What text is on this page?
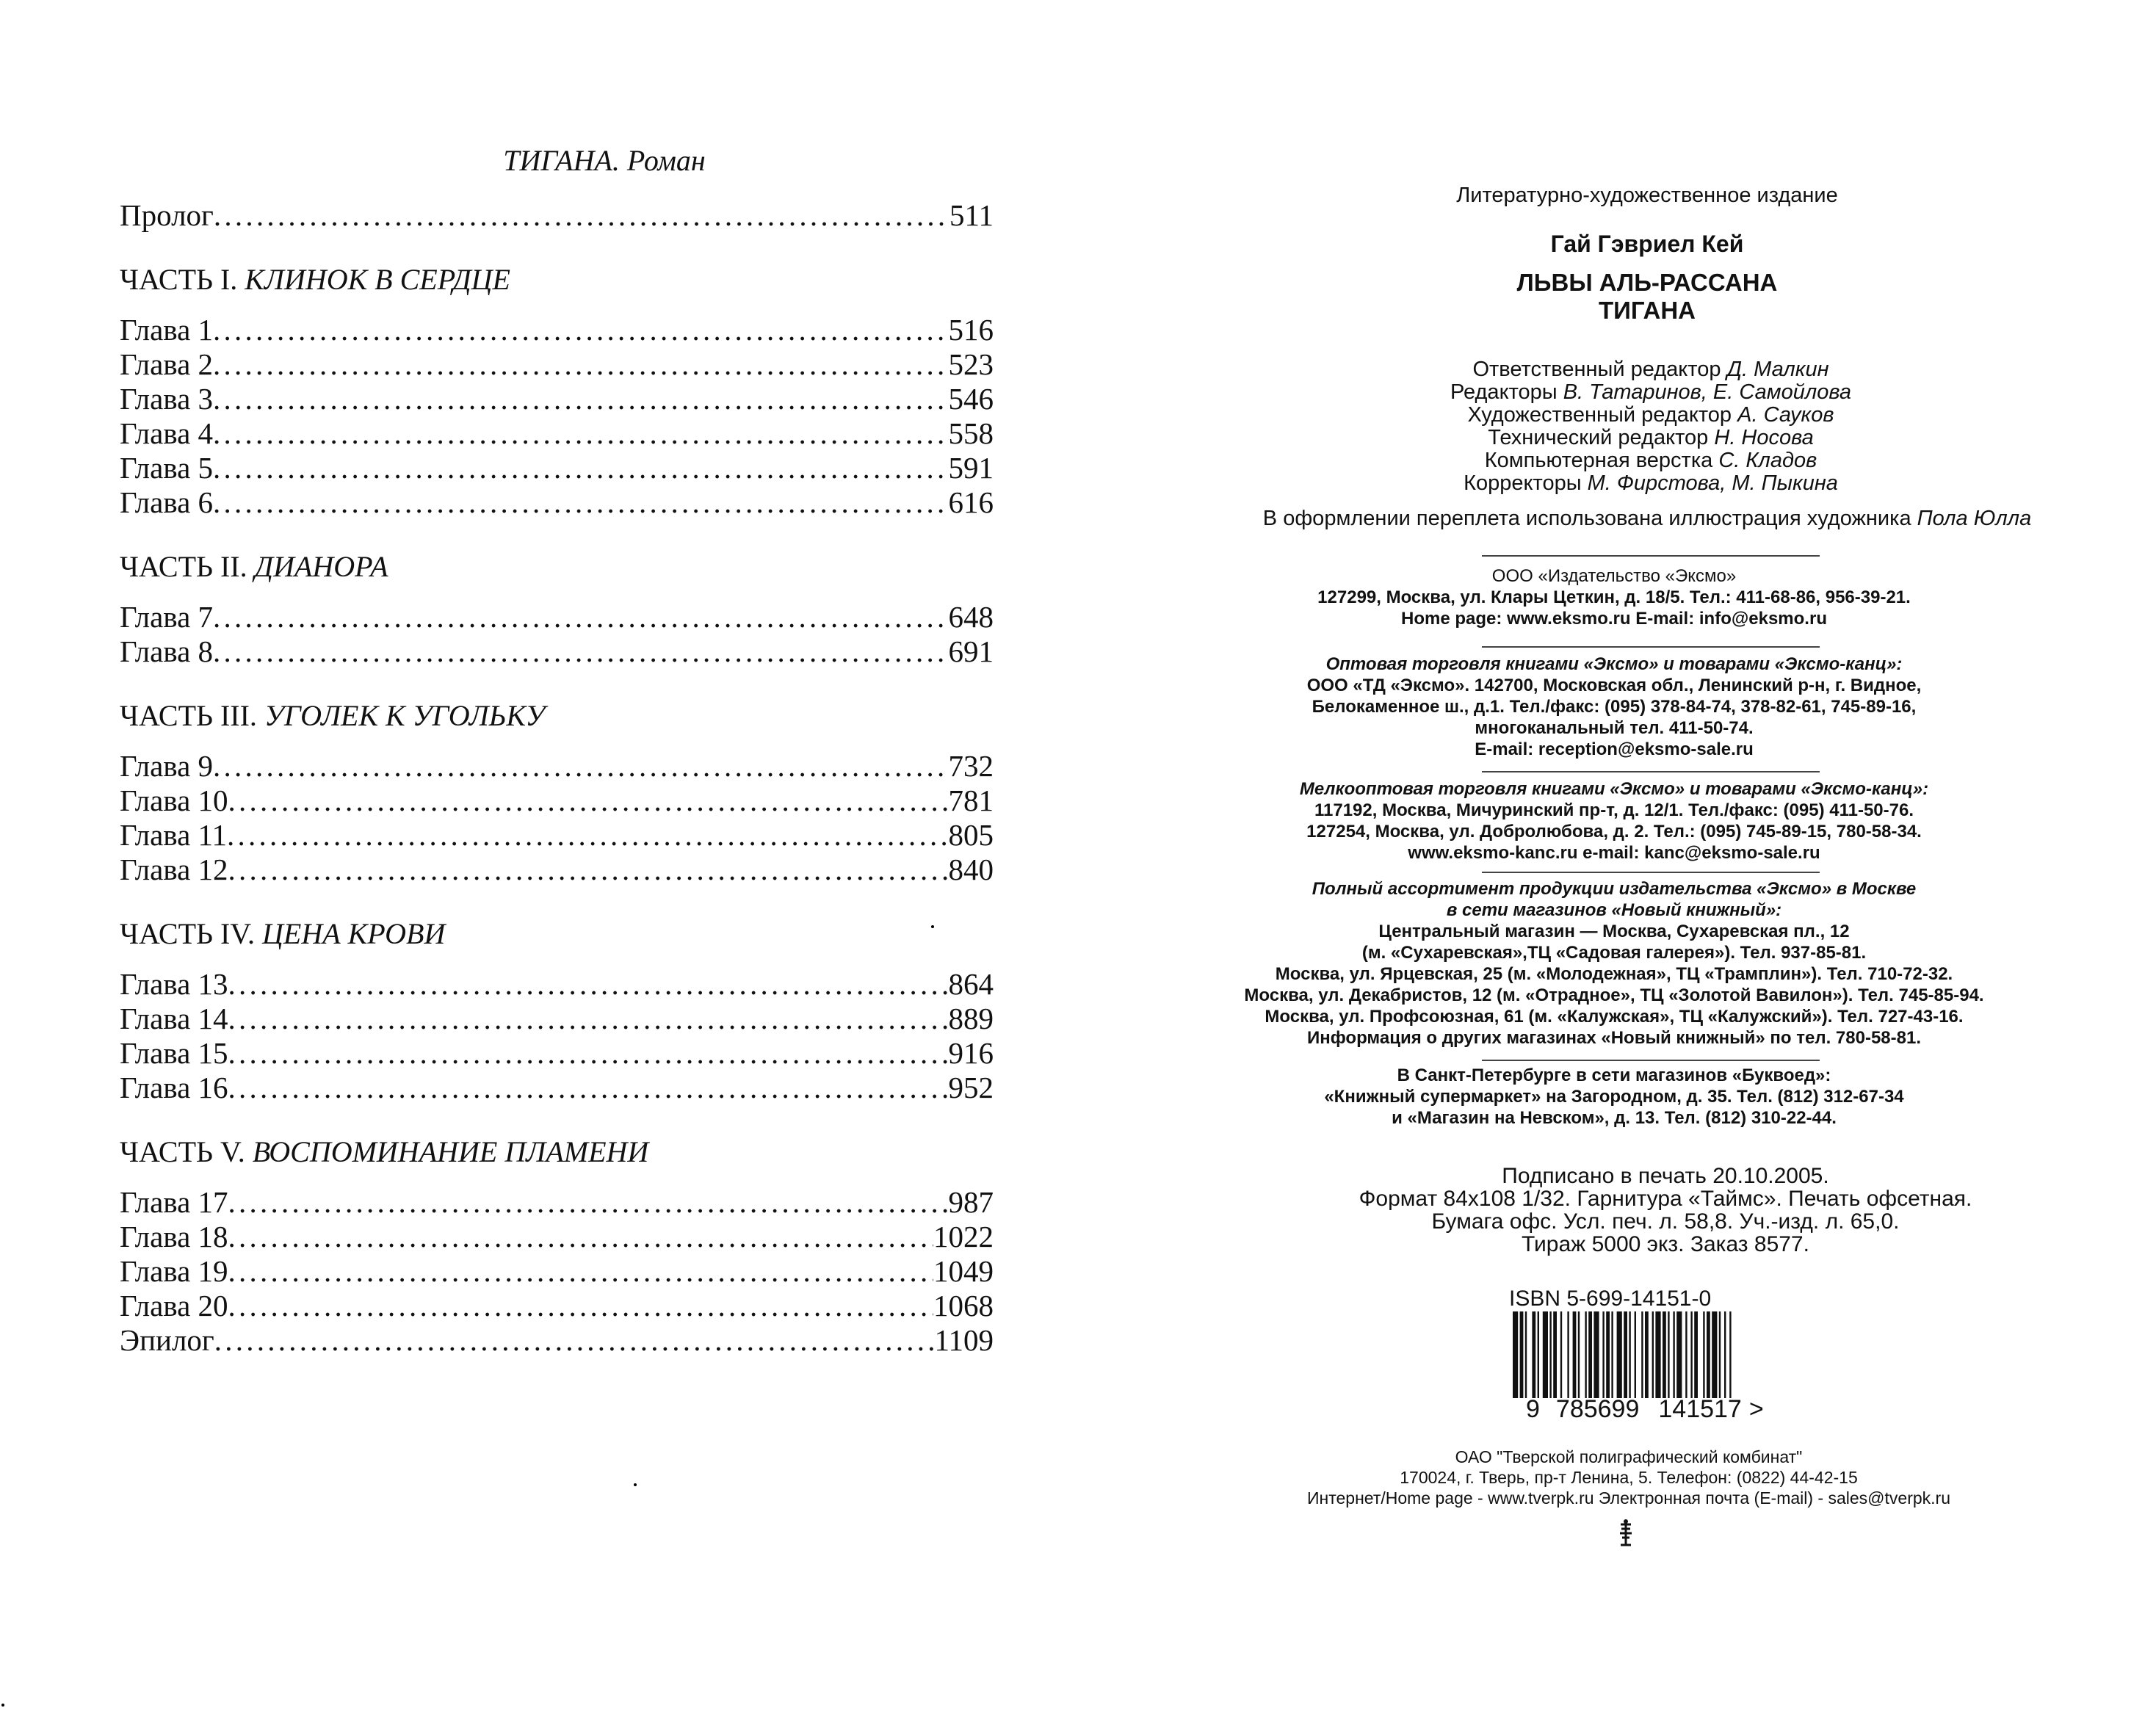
ТИГАНА. Роман
Пролог . . .	511
ЧАСТЬ I. КЛИНОК В СЕРДЦЕ
Глава 1 . . .	516
Глава 2 . . .	523
Глава 3 . . .	546
Глава 4 . . .	558
Глава 5 . . .	591
Глава 6 . . .	616
ЧАСТЬ II. ДИАНОРА
Глава 7 . . .	648
Глава 8 . . .	691
ЧАСТЬ III. УГОЛЕК К УГОЛЬКУ
Глава 9 . . .	732
Глава 10 . . .	781
Глава 11 . . .	805
Глава 12 . . .	840
ЧАСТЬ IV. ЦЕНА КРОВИ
Глава 13 . . .	864
Глава 14 . . .	889
Глава 15 . . .	916
Глава 16 . . .	952
ЧАСТЬ V. ВОСПОМИНАНИЕ ПЛАМЕНИ
Глава 17 . . .	987
Глава 18 . . .	1022
Глава 19 . . .	1049
Глава 20 . . .	1068
Эпилог . . .	1109
Литературно-художественное издание
Гай Гэвриел Кей
ЛЬВЫ АЛЬ-РАССАНА
ТИГАНА
Ответственный редактор Д. Малкин
Редакторы В. Татаринов, Е. Самойлова
Художественный редактор А. Сауков
Технический редактор Н. Носова
Компьютерная верстка С. Кладов
Корректоры М. Фирстова, М. Пыкина
В оформлении переплета использована иллюстрация художника Пола Юлла
ООО «Издательство «Эксмо»
127299, Москва, ул. Клары Цеткин, д. 18/5. Тел.: 411-68-86, 956-39-21.
Home page: www.eksmo.ru E-mail: info@eksmo.ru
Оптовая торговля книгами «Эксмо» и товарами «Эксмо-канц»:
ООО «ТД «Эксмо». 142700, Московская обл., Ленинский р-н, г. Видное,
Белокаменное ш., д.1. Тел./факс: (095) 378-84-74, 378-82-61, 745-89-16,
многоканальный тел. 411-50-74.
E-mail: reception@eksmo-sale.ru
Мелкооптовая торговля книгами «Эксмо» и товарами «Эксмо-канц»:
117192, Москва, Мичуринский пр-т, д. 12/1. Тел./факс: (095) 411-50-76.
127254, Москва, ул. Добролюбова, д. 2. Тел.: (095) 745-89-15, 780-58-34.
www.eksmo-kanc.ru e-mail: kanc@eksmo-sale.ru
Полный ассортимент продукции издательства «Эксмо» в Москве
в сети магазинов «Новый книжный»:
Центральный магазин — Москва, Сухаревская пл., 12
(м. «Сухаревская»,ТЦ «Садовая галерея»). Тел. 937-85-81.
Москва, ул. Ярцевская, 25 (м. «Молодежная», ТЦ «Трамплин»). Тел. 710-72-32.
Москва, ул. Декабристов, 12 (м. «Отрадное», ТЦ «Золотой Вавилон»). Тел. 745-85-94.
Москва, ул. Профсоюзная, 61 (м. «Калужская», ТЦ «Калужский»). Тел. 727-43-16.
Информация о других магазинах «Новый книжный» по тел. 780-58-81.
В Санкт-Петербурге в сети магазинов «Буквоед»:
«Книжный супермаркет» на Загородном, д. 35. Тел. (812) 312-67-34
и «Магазин на Невском», д. 13. Тел. (812) 310-22-44.
Подписано в печать 20.10.2005.
Формат 84х108 1/32. Гарнитура «Таймс». Печать офсетная.
Бумага офс. Усл. печ. л. 58,8. Уч.-изд. л. 65,0.
Тираж 5000 экз. Заказ 8577.
ISBN 5-699-14151-0
9 785699 141517 >
ОАО "Тверской полиграфический комбинат"
170024, г. Тверь, пр-т Ленина, 5. Телефон: (0822) 44-42-15
Интернет/Home page - www.tverpk.ru Электронная почта (E-mail) - sales@tverpk.ru
